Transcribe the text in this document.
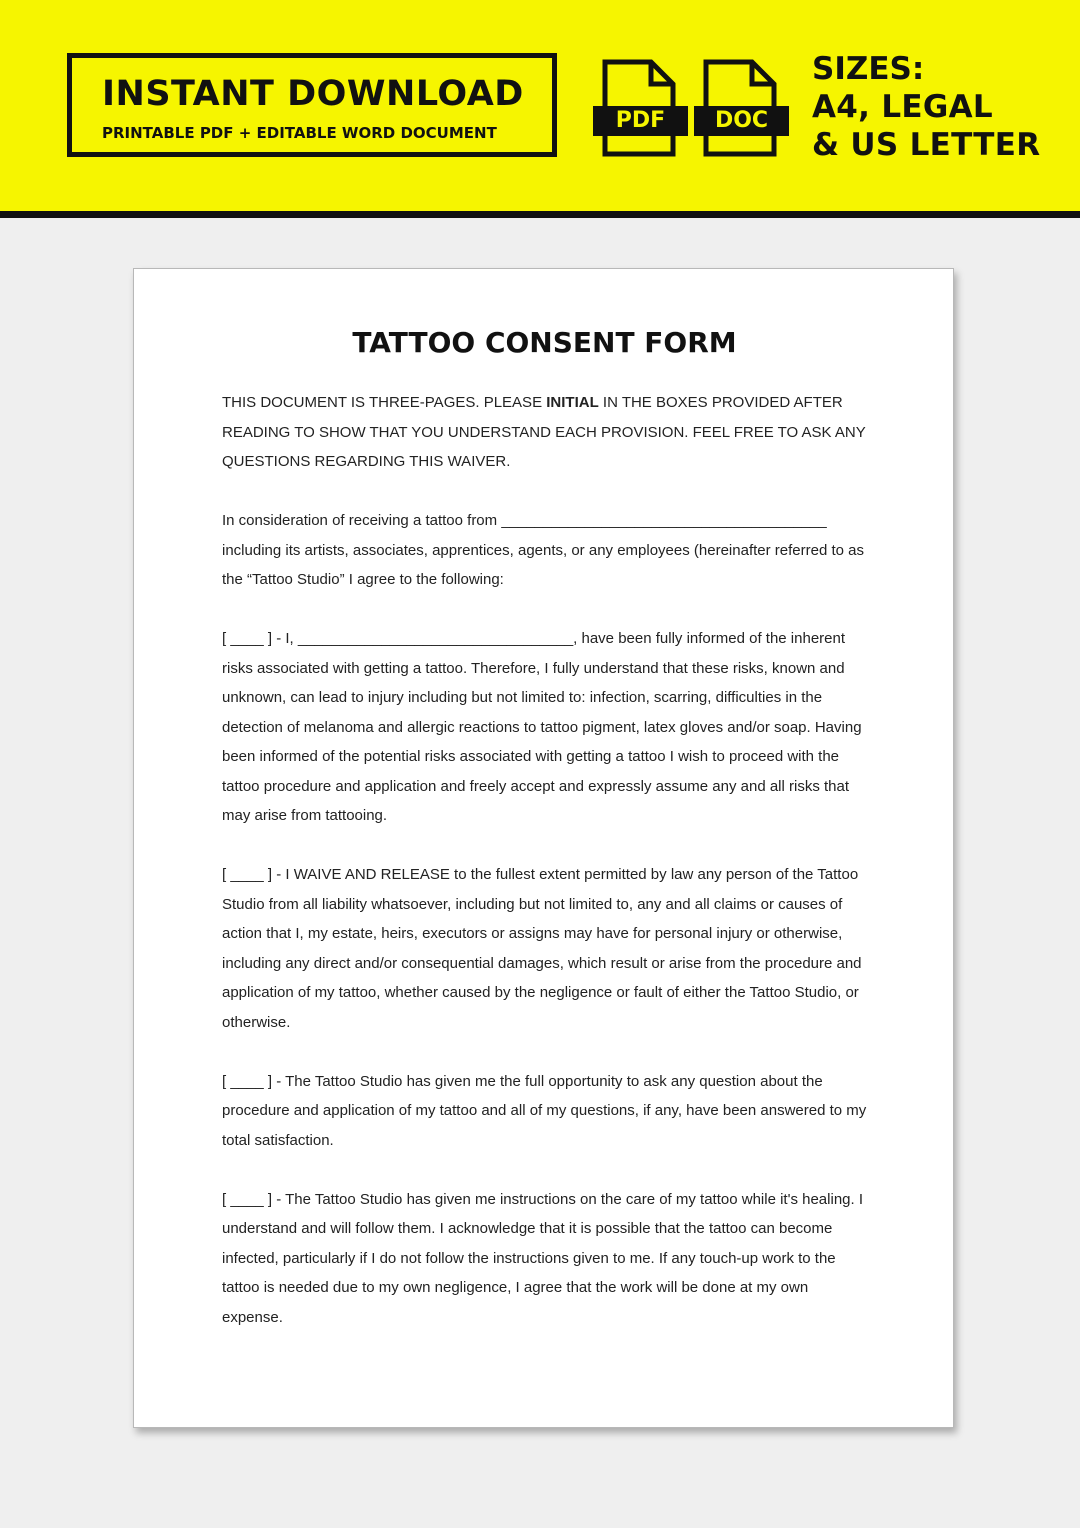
INSTANT DOWNLOAD
PRINTABLE PDF + EDITABLE WORD DOCUMENT	PDF	DOC
SIZES:
A4, LEGAL
& US LETTER
TATTOO CONSENT FORM

THIS DOCUMENT IS THREE-PAGES. PLEASE INITIAL IN THE BOXES PROVIDED AFTER READING TO SHOW THAT YOU UNDERSTAND EACH PROVISION. FEEL FREE TO ASK ANY QUESTIONS REGARDING THIS WAIVER.

In consideration of receiving a tattoo from _______________________________________ including its artists, associates, apprentices, agents, or any employees (hereinafter referred to as the “Tattoo Studio” I agree to the following:

[ ____ ] - I, _________________________________, have been fully informed of the inherent risks associated with getting a tattoo. Therefore, I fully understand that these risks, known and unknown, can lead to injury including but not limited to: infection, scarring, difficulties in the detection of melanoma and allergic reactions to tattoo pigment, latex gloves and/or soap. Having been informed of the potential risks associated with getting a tattoo I wish to proceed with the tattoo procedure and application and freely accept and expressly assume any and all risks that may arise from tattooing.

[ ____ ] - I WAIVE AND RELEASE to the fullest extent permitted by law any person of the Tattoo Studio from all liability whatsoever, including but not limited to, any and all claims or causes of action that I, my estate, heirs, executors or assigns may have for personal injury or otherwise, including any direct and/or consequential damages, which result or arise from the procedure and application of my tattoo, whether caused by the negligence or fault of either the Tattoo Studio, or otherwise.

[ ____ ] - The Tattoo Studio has given me the full opportunity to ask any question about the procedure and application of my tattoo and all of my questions, if any, have been answered to my total satisfaction.

[ ____ ] - The Tattoo Studio has given me instructions on the care of my tattoo while it's healing. I understand and will follow them. I acknowledge that it is possible that the tattoo can become infected, particularly if I do not follow the instructions given to me. If any touch-up work to the tattoo is needed due to my own negligence, I agree that the work will be done at my own expense.
